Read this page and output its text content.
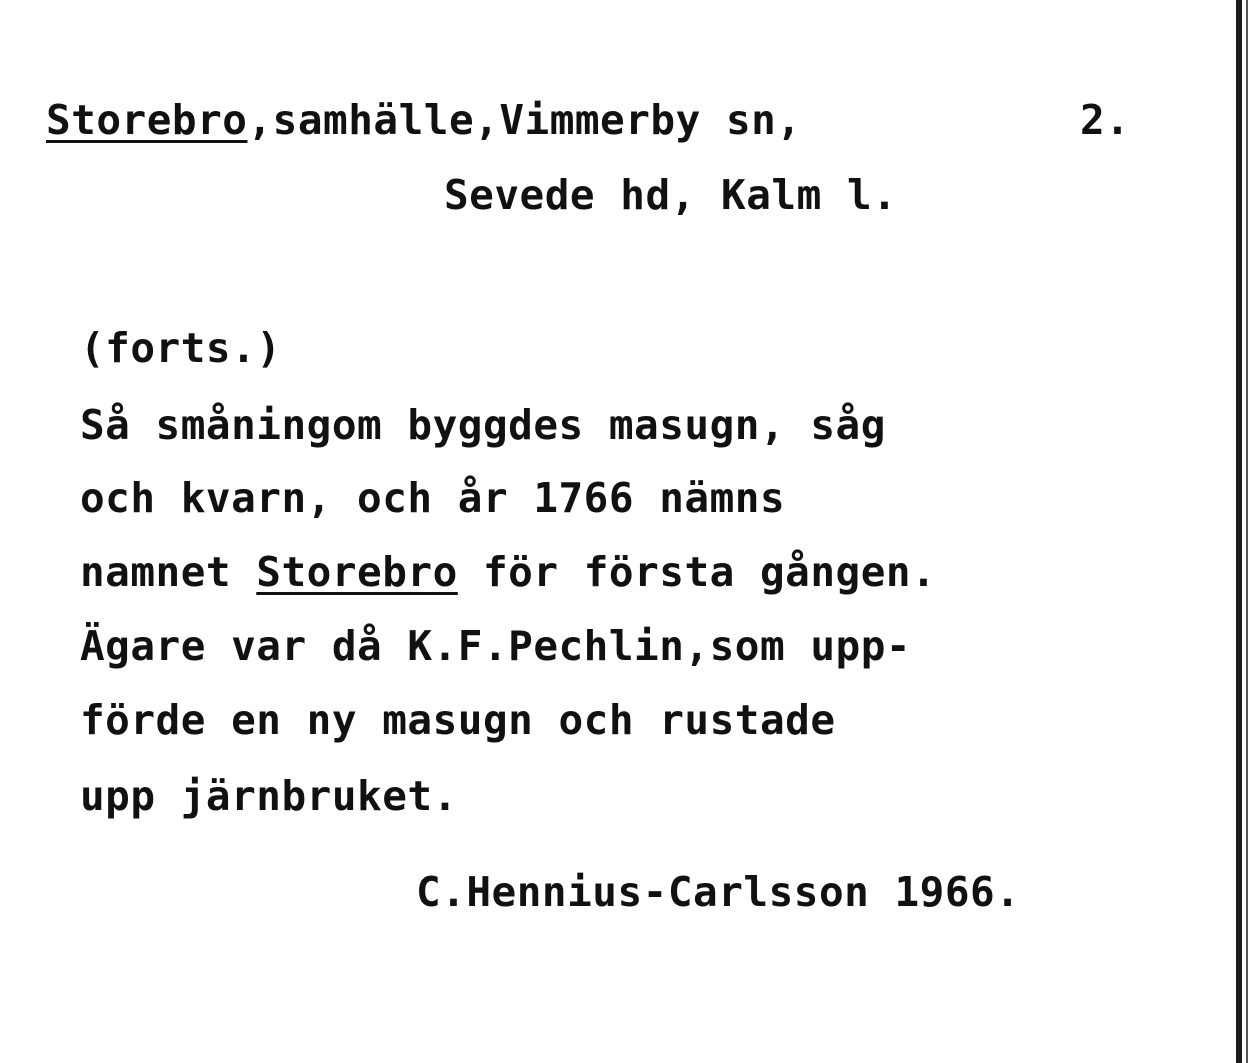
Storebro,samhälle,Vimmerby sn,	2.
Sevede hd, Kalm l.
(forts.)
Så småningom byggdes masugn, såg
och kvarn, och år 1766 nämns
namnet Storebro för första gången.
Ägare var då K.F.Pechlin,som upp-
förde en ny masugn och rustade
upp järnbruket.
C.Hennius-Carlsson 1966.
